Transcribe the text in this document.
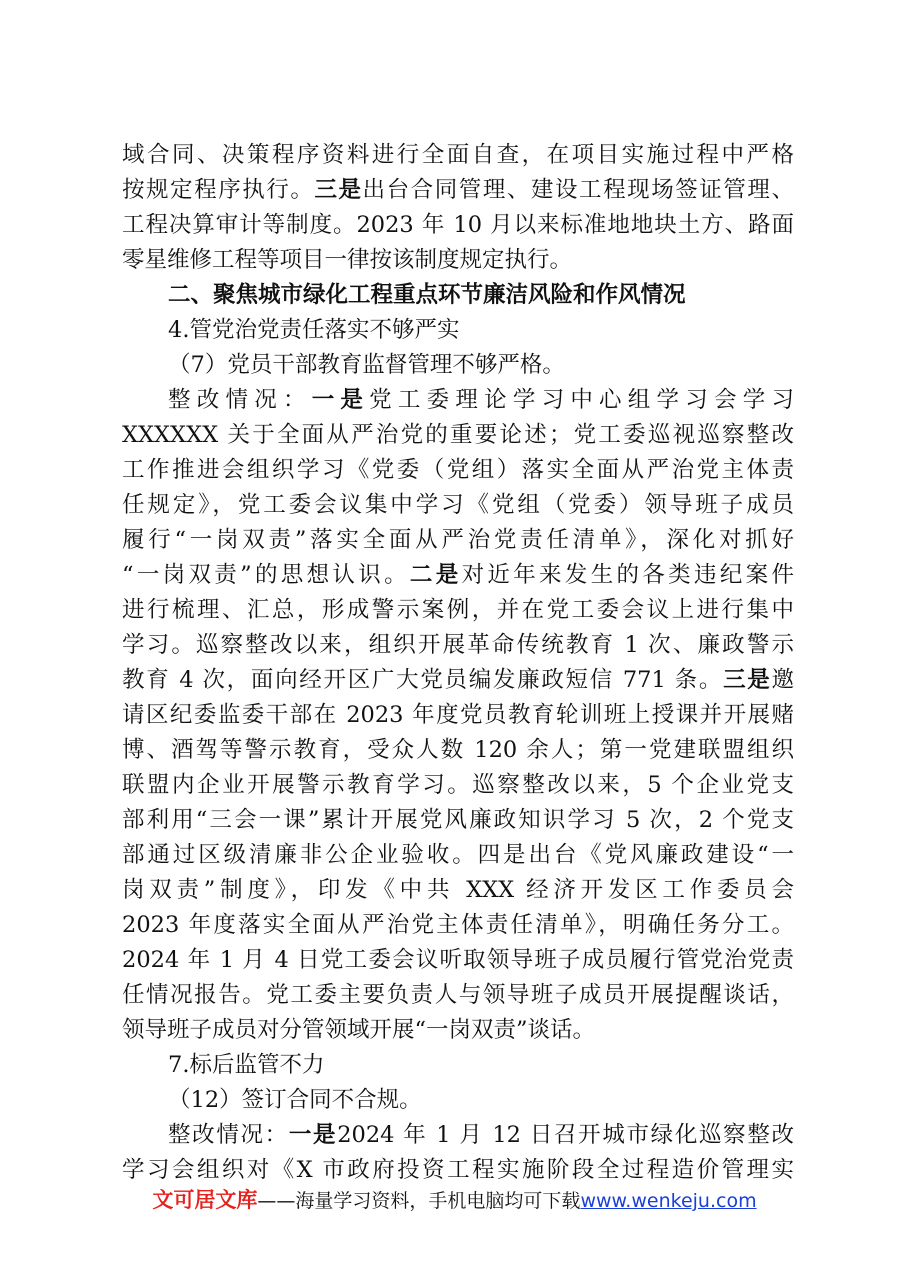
域合同、决策程序资料进行全面自查，在项目实施过程中严格
按规定程序执行。三是出台合同管理、建设工程现场签证管理、
工程决算审计等制度。2023 年 10 月以来标准地地块土方、路面
零星维修工程等项目一律按该制度规定执行。
二、聚焦城市绿化工程重点环节廉洁风险和作风情况
4.管党治党责任落实不够严实
（7）党员干部教育监督管理不够严格。
整改情况：一是党工委理论学习中心组学习会学习
XXXXXX 关于全面从严治党的重要论述；党工委巡视巡察整改
工作推进会组织学习《党委（党组）落实全面从严治党主体责
任规定》，党工委会议集中学习《党组（党委）领导班子成员
履行“一岗双责”落实全面从严治党责任清单》，深化对抓好
“一岗双责”的思想认识。二是对近年来发生的各类违纪案件
进行梳理、汇总，形成警示案例，并在党工委会议上进行集中
学习。巡察整改以来，组织开展革命传统教育 1 次、廉政警示
教育 4 次，面向经开区广大党员编发廉政短信 771 条。三是邀
请区纪委监委干部在 2023 年度党员教育轮训班上授课并开展赌
博、酒驾等警示教育，受众人数 120 余人；第一党建联盟组织
联盟内企业开展警示教育学习。巡察整改以来，5 个企业党支
部利用“三会一课”累计开展党风廉政知识学习 5 次，2 个党支
部通过区级清廉非公企业验收。四是出台《党风廉政建设“一
岗双责”制度》，印发《中共 XXX 经济开发区工作委员会
2023 年度落实全面从严治党主体责任清单》，明确任务分工。
2024 年 1 月 4 日党工委会议听取领导班子成员履行管党治党责
任情况报告。党工委主要负责人与领导班子成员开展提醒谈话，
领导班子成员对分管领域开展“一岗双责”谈话。
7.标后监管不力
（12）签订合同不合规。
整改情况：一是2024 年 1 月 12 日召开城市绿化巡察整改
学习会组织对《X 市政府投资工程实施阶段全过程造价管理实
文可居文库——海量学习资料，手机电脑均可下载www.wenkeju.com
